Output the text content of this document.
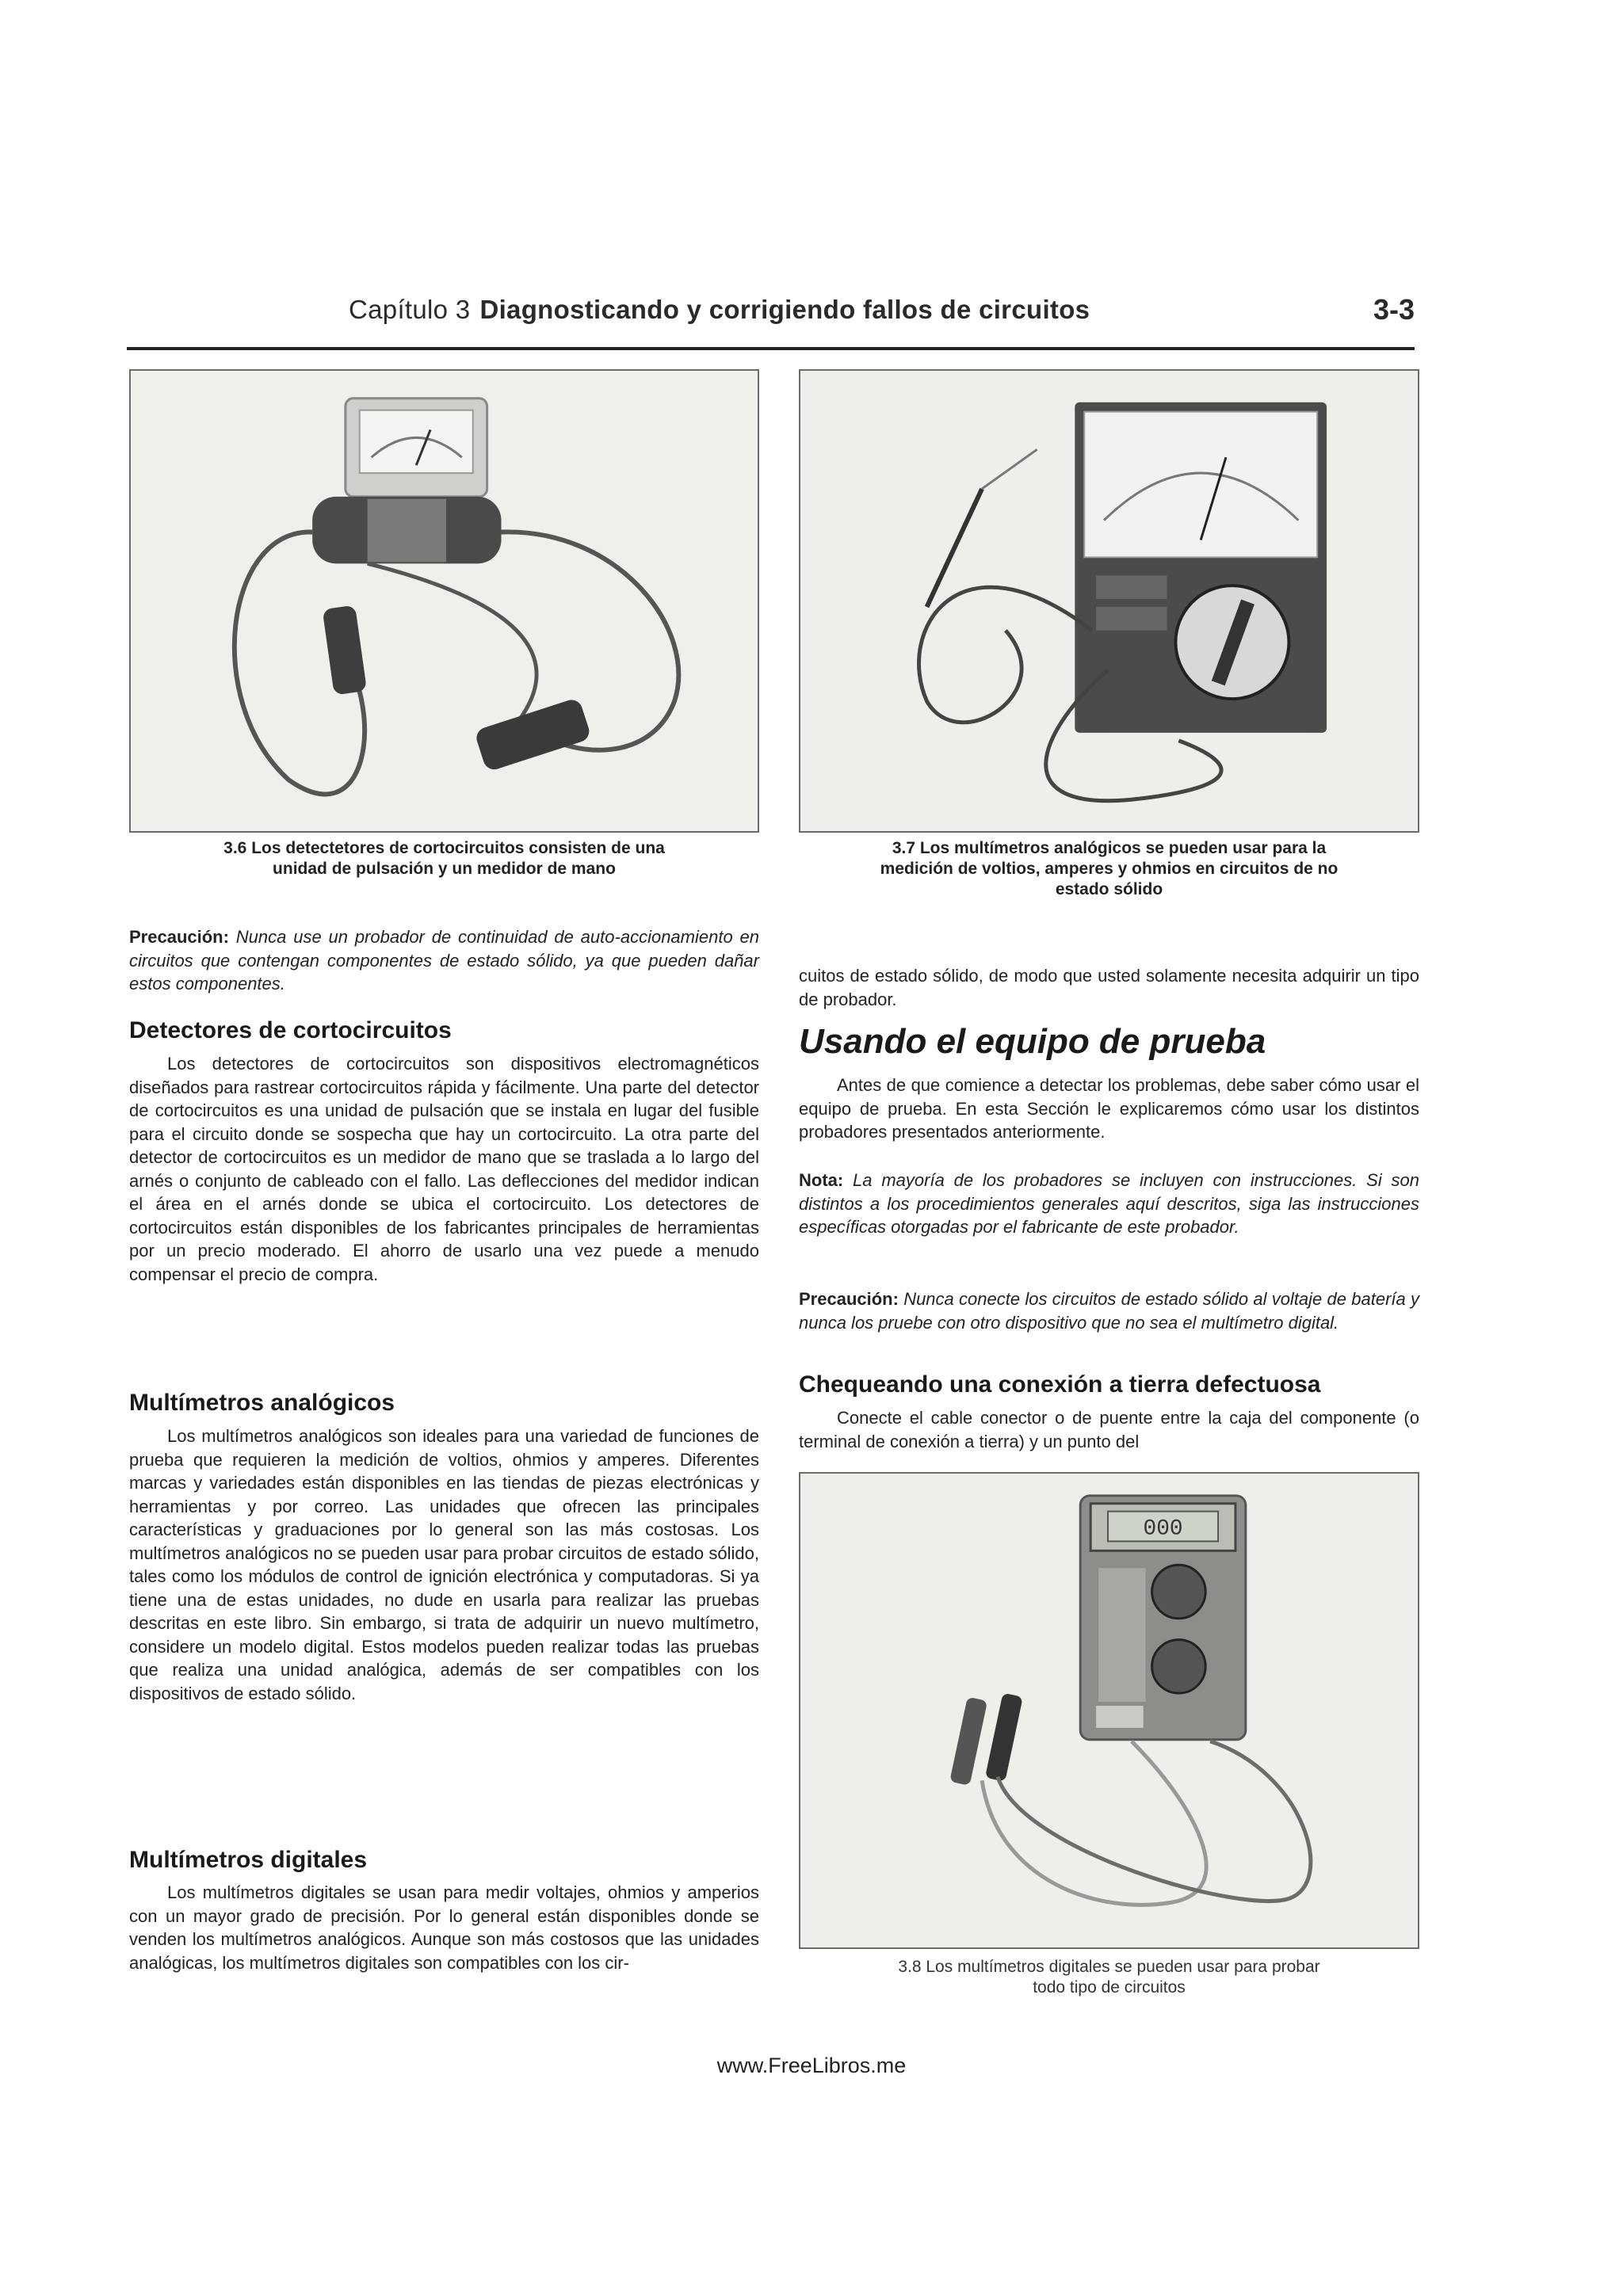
Capítulo 3 Diagnosticando y corrigiendo fallos de circuitos	3-3
3.6 Los detectetores de cortocircuitos consisten de una
unidad de pulsación y un medidor de mano
3.7 Los multímetros analógicos se pueden usar para la
medición de voltios, amperes y ohmios en circuitos de no
estado sólido
Precaución: Nunca use un probador de continuidad de auto-accionamiento en circuitos que contengan componentes de estado sólido, ya que pueden dañar estos componentes.
Detectores de cortocircuitos
Los detectores de cortocircuitos son dispositivos electromagnéticos diseñados para rastrear cortocircuitos rápida y fácilmente. Una parte del detector de cortocircuitos es una unidad de pulsación que se instala en lugar del fusible para el circuito donde se sospecha que hay un cortocircuito. La otra parte del detector de cortocircuitos es un medidor de mano que se traslada a lo largo del arnés o conjunto de cableado con el fallo. Las deflecciones del medidor indican el área en el arnés donde se ubica el cortocircuito. Los detectores de cortocircuitos están disponibles de los fabricantes principales de herramientas por un precio moderado. El ahorro de usarlo una vez puede a menudo compensar el precio de compra.
Multímetros analógicos
Los multímetros analógicos son ideales para una variedad de funciones de prueba que requieren la medición de voltios, ohmios y amperes. Diferentes marcas y variedades están disponibles en las tiendas de piezas electrónicas y herramientas y por correo. Las unidades que ofrecen las principales características y graduaciones por lo general son las más costosas. Los multímetros analógicos no se pueden usar para probar circuitos de estado sólido, tales como los módulos de control de ignición electrónica y computadoras. Si ya tiene una de estas unidades, no dude en usarla para realizar las pruebas descritas en este libro. Sin embargo, si trata de adquirir un nuevo multímetro, considere un modelo digital. Estos modelos pueden realizar todas las pruebas que realiza una unidad analógica, además de ser compatibles con los dispositivos de estado sólido.
Multímetros digitales
Los multímetros digitales se usan para medir voltajes, ohmios y amperios con un mayor grado de precisión. Por lo general están disponibles donde se venden los multímetros analógicos. Aunque son más costosos que las unidades analógicas, los multímetros digitales son compatibles con los cir-
cuitos de estado sólido, de modo que usted solamente necesita adquirir un tipo de probador.
Usando el equipo de prueba
Antes de que comience a detectar los problemas, debe saber cómo usar el equipo de prueba. En esta Sección le explicaremos cómo usar los distintos probadores presentados anteriormente.
Nota: La mayoría de los probadores se incluyen con instrucciones. Si son distintos a los procedimientos generales aquí descritos, siga las instrucciones específicas otorgadas por el fabricante de este probador.
Precaución: Nunca conecte los circuitos de estado sólido al voltaje de batería y nunca los pruebe con otro dispositivo que no sea el multímetro digital.
Chequeando una conexión a tierra defectuosa
Conecte el cable conector o de puente entre la caja del componente (o terminal de conexión a tierra) y un punto del
000
3.8 Los multímetros digitales se pueden usar para probar
todo tipo de circuitos
www.FreeLibros.me
